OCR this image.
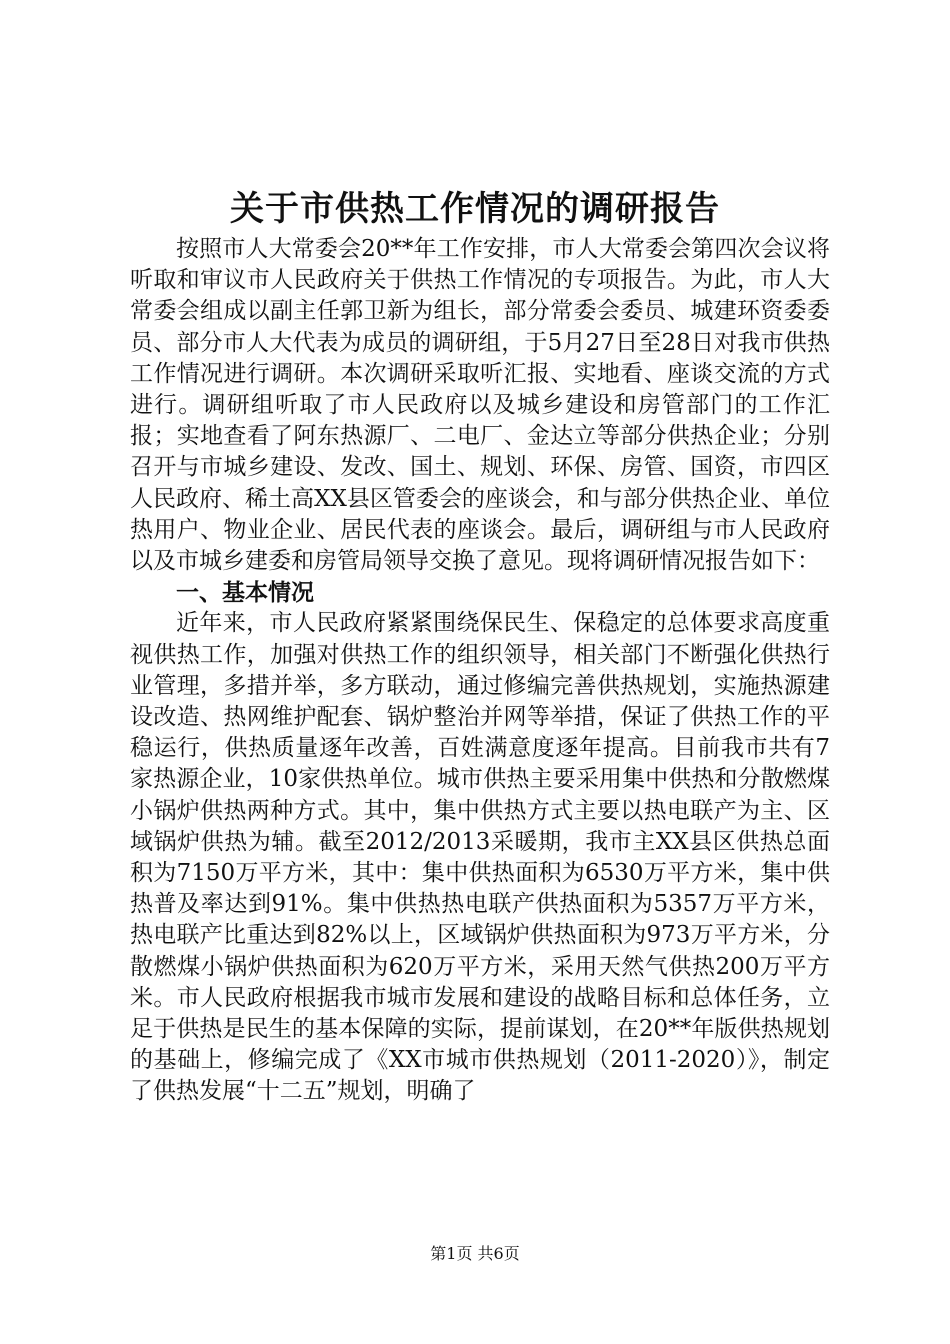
关于市供热工作情况的调研报告

按照市人大常委会20**年工作安排，市人大常委会第四次会议将听取和审议市人民政府关于供热工作情况的专项报告。为此，市人大常委会组成以副主任郭卫新为组长，部分常委会委员、城建环资委委员、部分市人大代表为成员的调研组，于5月27日至28日对我市供热工作情况进行调研。本次调研采取听汇报、实地看、座谈交流的方式进行。调研组听取了市人民政府以及城乡建设和房管部门的工作汇报；实地查看了阿东热源厂、二电厂、金达立等部分供热企业；分别召开与市城乡建设、发改、国土、规划、环保、房管、国资，市四区人民政府、稀土高XX县区管委会的座谈会，和与部分供热企业、单位热用户、物业企业、居民代表的座谈会。最后，调研组与市人民政府以及市城乡建委和房管局领导交换了意见。现将调研情况报告如下：

一、基本情况

近年来，市人民政府紧紧围绕保民生、保稳定的总体要求高度重视供热工作，加强对供热工作的组织领导，相关部门不断强化供热行业管理，多措并举，多方联动，通过修编完善供热规划，实施热源建设改造、热网维护配套、锅炉整治并网等举措，保证了供热工作的平稳运行，供热质量逐年改善，百姓满意度逐年提高。目前我市共有7家热源企业，10家供热单位。城市供热主要采用集中供热和分散燃煤小锅炉供热两种方式。其中，集中供热方式主要以热电联产为主、区域锅炉供热为辅。截至2012/2013采暖期，我市主XX县区供热总面积为7150万平方米，其中：集中供热面积为6530万平方米，集中供热普及率达到91%。集中供热热电联产供热面积为5357万平方米，热电联产比重达到82%以上，区域锅炉供热面积为973万平方米，分散燃煤小锅炉供热面积为620万平方米，采用天然气供热200万平方米。市人民政府根据我市城市发展和建设的战略目标和总体任务，立足于供热是民生的基本保障的实际，提前谋划，在20**年版供热规划的基础上，修编完成了《XX市城市供热规划（2011-2020）》，制定了供热发展“十二五”规划，明确了

第1页 共6页
